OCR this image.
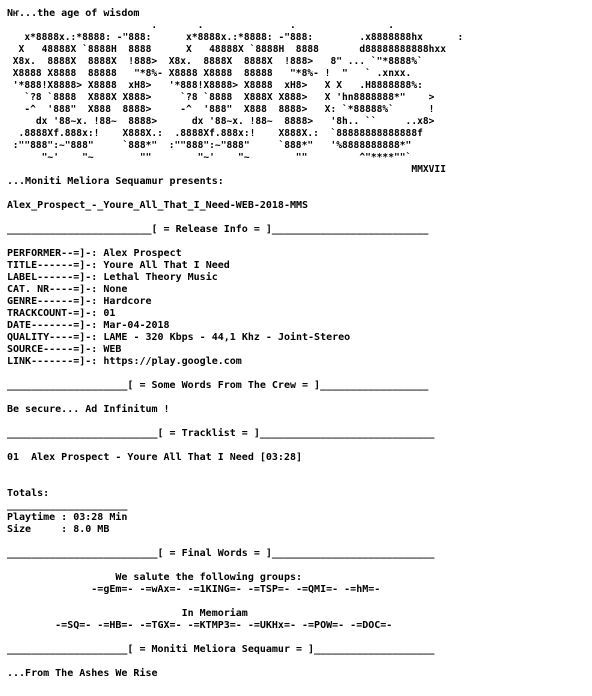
Nҥ...the age of wisdom
.       .               .                .
x*8888x.:*8888: -"888:      x*8888x.:*8888: -"888:        .x8888888hx      :
X   48888X `8888H  8888      X   48888X `8888H  8888       d88888888888hxx
X8x.  8888X  8888X  !888>  X8x.  8888X  8888X  !888>   8" ... `"*8888%`
X8888 X8888  88888   "*8%- X8888 X8888  88888   "*8%- !  "   ` .xnxx.
'*888!X8888> X8888  xH8>   '*888!X8888> X8888  xH8>   X X   .H8888888%:
`?8 `8888  X888X X888>     `?8 `8888  X888X X888>   X 'hn8888888*"    >
-^  '888"  X888  8888>     -^  '888"  X888  8888>   X: `*88888%`      !
dx '88~x. !88~  8888>      dx '88~x. !88~  8888>   '8h.. ``     ..x8>
.8888Xf.888x:!    X888X.:  .8888Xf.888x:!    X888X.:  `88888888888888f
:""888":~"888"     `888*"  :""888":~"888"     `888*"   '%8888888888*"
"~'    "~        ""        "~'    "~        ""         ^"****""`
MMXVII
...Moniti Meliora Sequamur presents:
Alex_Prospect_-_Youre_All_That_I_Need-WEB-2018-MMS
________________________[ = Release Info = ]__________________________
PERFORMER--=]-: Alex Prospect
TITLE------=]-: Youre All That I Need
LABEL------=]-: Lethal Theory Music
CAT. NR----=]-: None
GENRE------=]-: Hardcore
TRACKCOUNT-=]-: 01
DATE-------=]-: Mar-04-2018
QUALITY----=]-: LAME - 320 Kbps - 44,1 Khz - Joint-Stereo
SOURCE-----=]-: WEB
LINK-------=]-: https://play.google.com
____________________[ = Some Words From The Crew = ]__________________
Be secure... Ad Infinitum !
_________________________[ = Tracklist = ]_____________________________
01  Alex Prospect - Youre All That I Need [03:28]
Totals:
____________________
Playtime : 03:28 Min
Size     : 8.0 MB
_________________________[ = Final Words = ]___________________________
We salute the following groups:
-=gEm=- -=wAx=- -=1KING=- -=TSP=- -=QMI=- -=hM=-
In Memoriam
-=SQ=- -=HB=- -=TGX=- -=KTMP3=- -=UKHx=- -=POW=- -=DOC=-
____________________[ = Moniti Meliora Sequamur = ]____________________
...From The Ashes We Rise
